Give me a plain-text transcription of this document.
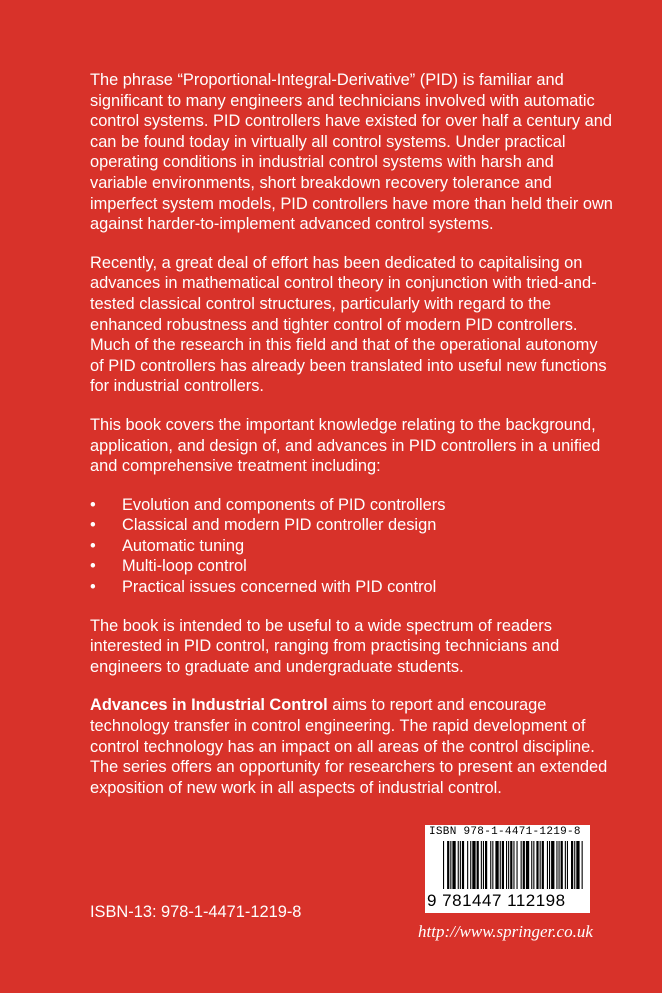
The phrase “Proportional-Integral-Derivative” (PID) is familiar and significant to many engineers and technicians involved with automatic control systems. PID controllers have existed for over half a century and can be found today in virtually all control systems. Under practical operating conditions in industrial control systems with harsh and variable environments, short breakdown recovery tolerance and imperfect system models, PID controllers have more than held their own against harder-to-implement advanced control systems.

Recently, a great deal of effort has been dedicated to capitalising on advances in mathematical control theory in conjunction with tried-and-tested classical control structures, particularly with regard to the enhanced robustness and tighter control of modern PID controllers. Much of the research in this field and that of the operational autonomy of PID controllers has already been translated into useful new functions for industrial controllers.

This book covers the important knowledge relating to the background, application, and design of, and advances in PID controllers in a unified and comprehensive treatment including:

• Evolution and components of PID controllers
• Classical and modern PID controller design
• Automatic tuning
• Multi-loop control
• Practical issues concerned with PID control

The book is intended to be useful to a wide spectrum of readers interested in PID control, ranging from practising technicians and engineers to graduate and undergraduate students.

Advances in Industrial Control aims to report and encourage technology transfer in control engineering. The rapid development of control technology has an impact on all areas of the control discipline. The series offers an opportunity for researchers to present an extended exposition of new work in all aspects of industrial control.

ISBN-13: 978-1-4471-1219-8
ISBN 978-1-4471-1219-8
9 781447 112198
http://www.springer.co.uk
